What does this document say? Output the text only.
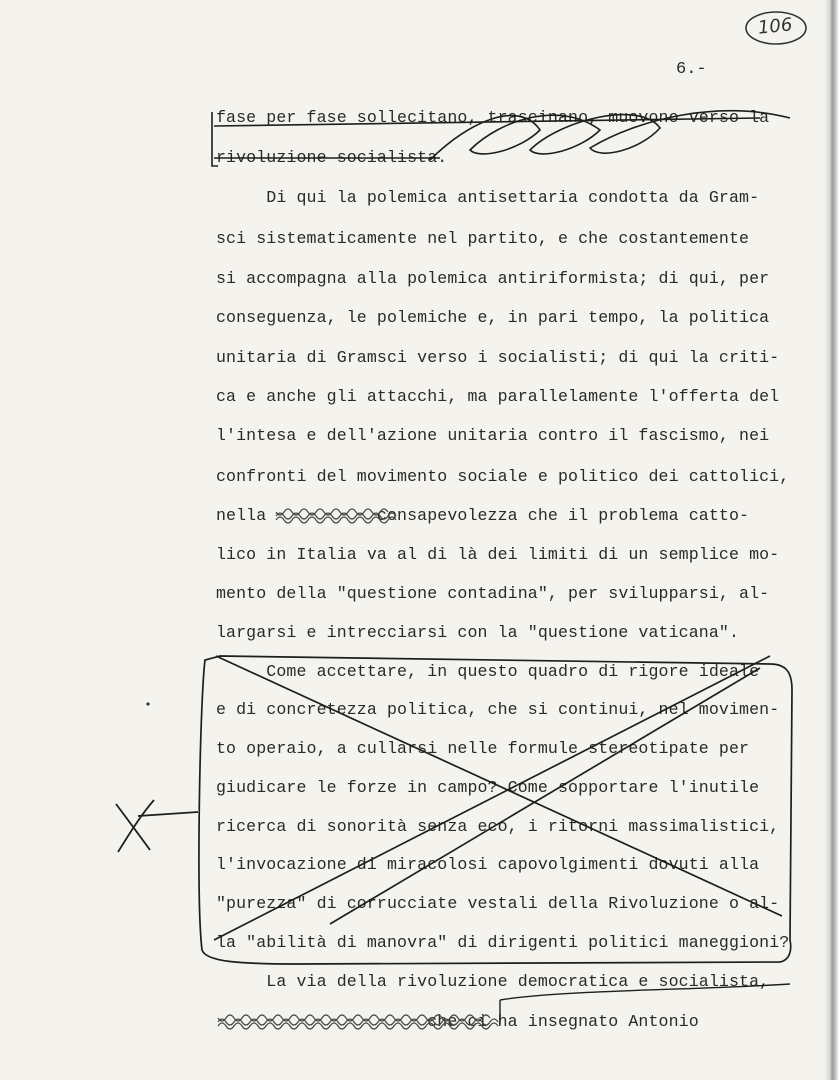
106
6.-
fase per fase sollecitano, trascinano, muovono verso la
rivoluzione socialista.
Di qui la polemica antisettaria condotta da Gram-
sci sistematicamente nel partito, e che costantemente
si accompagna alla polemica antiriformista; di qui, per
conseguenza, le polemiche e, in pari tempo, la politica
unitaria di Gramsci verso i socialisti; di qui la criti-
ca e anche gli attacchi, ma parallelamente l'offerta del
l'intesa e dell'azione unitaria contro il fascismo, nei
confronti del movimento sociale e politico dei cattolici,
nella           consapevolezza che il problema catto-
lico in Italia va al di là dei limiti di un semplice mo-
mento della "questione contadina", per svilupparsi, al-
largarsi e intrecciarsi con la "questione vaticana".
Come accettare, in questo quadro di rigore ideale
e di concretezza politica, che si continui, nel movimen-
to operaio, a cullarsi nelle formule stereotipate per
giudicare le forze in campo? Come sopportare l'inutile
ricerca di sonorità senza eco, i ritorni massimalistici,
l'invocazione di miracolosi capovolgimenti dovuti alla
"purezza" di corrucciate vestali della Rivoluzione o al-
la "abilità di manovra" di dirigenti politici maneggioni?
La via della rivoluzione democratica e socialista,
che ci ha insegnato Antonio
